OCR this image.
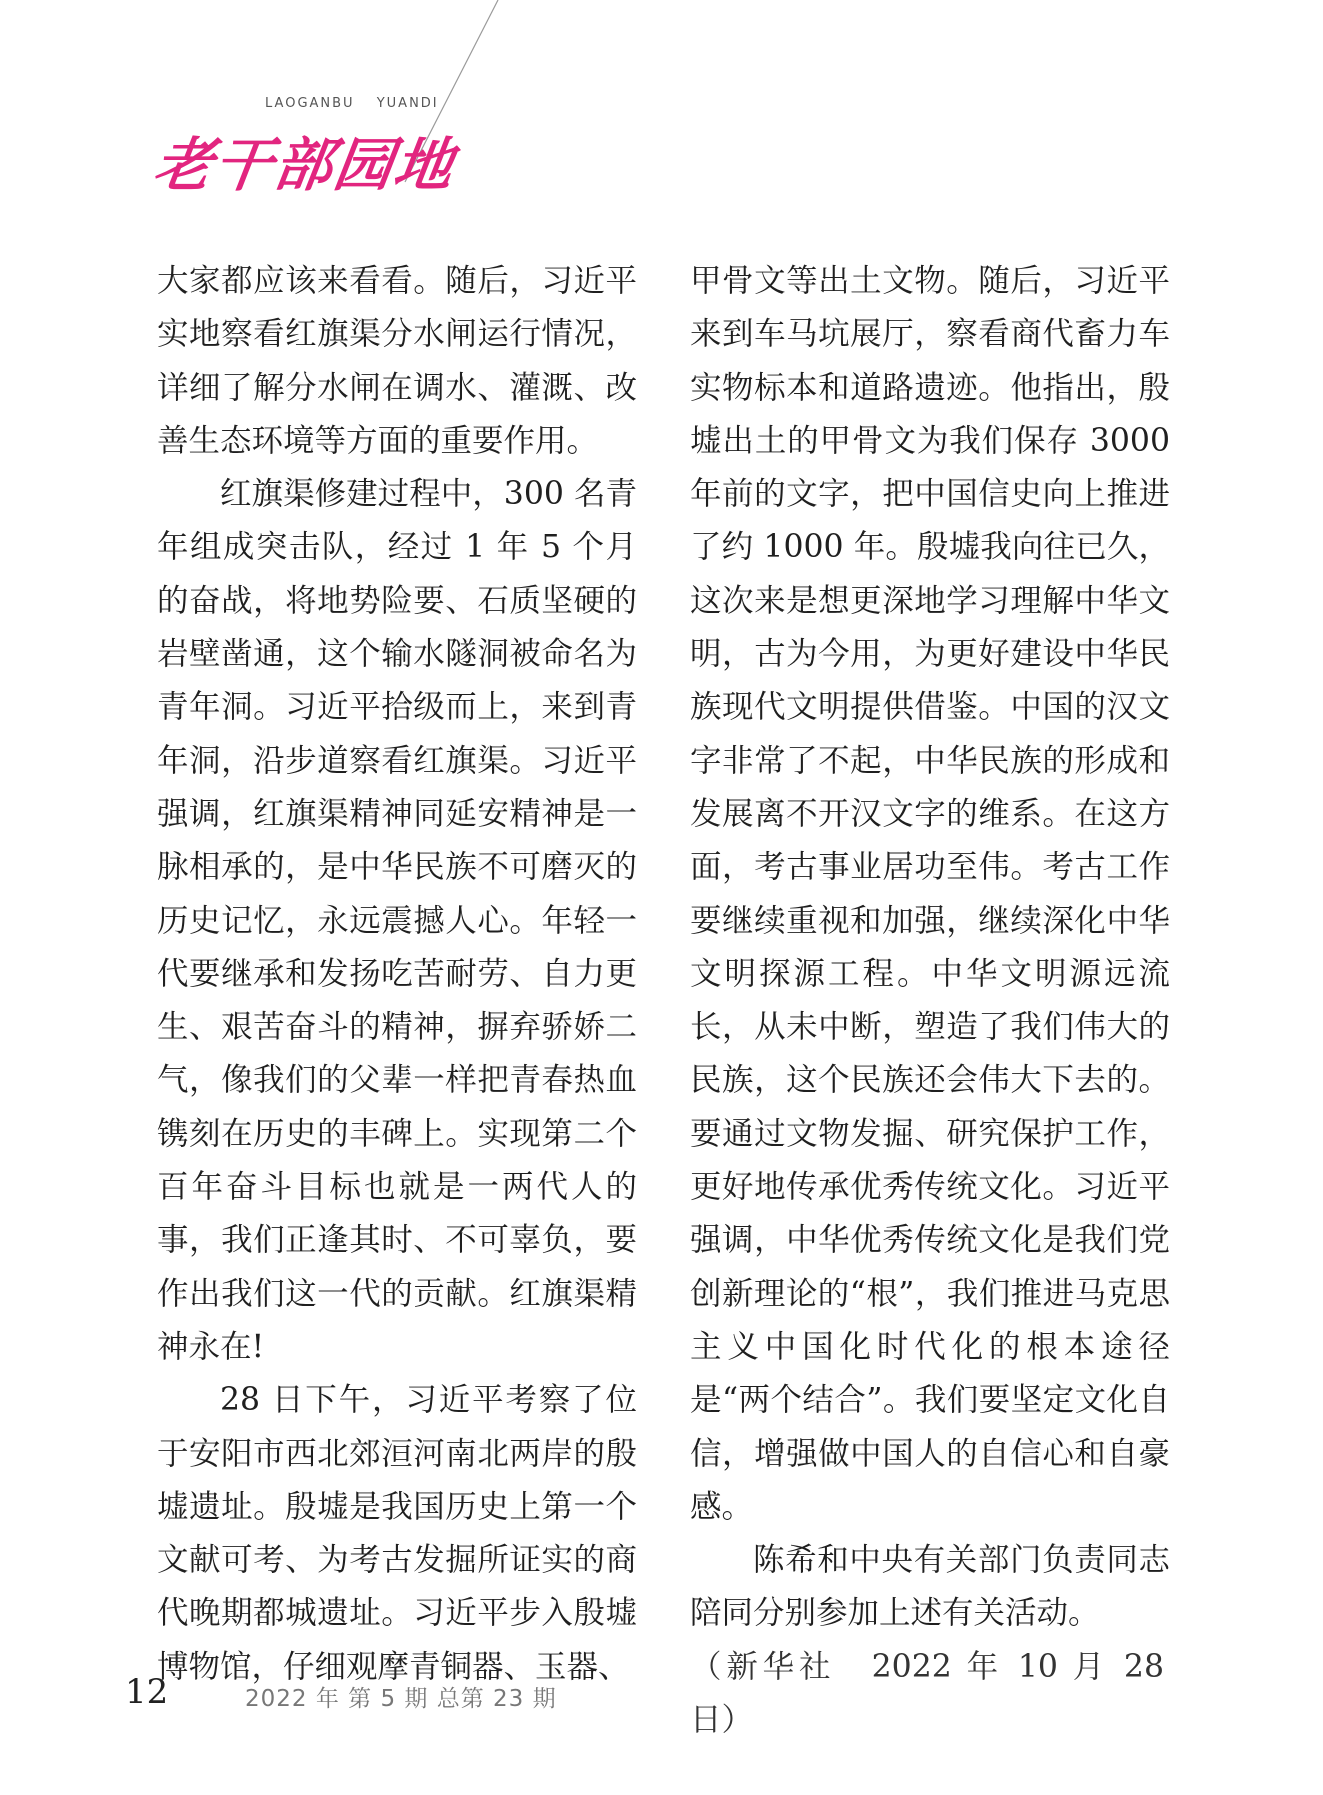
LAOGANBU YUANDI
老干部园地

大家都应该来看看。随后，习近平实地察看红旗渠分水闸运行情况，详细了解分水闸在调水、灌溉、改善生态环境等方面的重要作用。

红旗渠修建过程中，300 名青年组成突击队，经过 1 年 5 个月的奋战，将地势险要、石质坚硬的岩壁凿通，这个输水隧洞被命名为青年洞。习近平拾级而上，来到青年洞，沿步道察看红旗渠。习近平强调，红旗渠精神同延安精神是一脉相承的，是中华民族不可磨灭的历史记忆，永远震撼人心。年轻一代要继承和发扬吃苦耐劳、自力更生、艰苦奋斗的精神，摒弃骄娇二气，像我们的父辈一样把青春热血镌刻在历史的丰碑上。实现第二个百年奋斗目标也就是一两代人的事，我们正逢其时、不可辜负，要作出我们这一代的贡献。红旗渠精神永在!

28 日下午，习近平考察了位于安阳市西北郊洹河南北两岸的殷墟遗址。殷墟是我国历史上第一个文献可考、为考古发掘所证实的商代晚期都城遗址。习近平步入殷墟博物馆，仔细观摩青铜器、玉器、

甲骨文等出土文物。随后，习近平来到车马坑展厅，察看商代畜力车实物标本和道路遗迹。他指出，殷墟出土的甲骨文为我们保存 3000 年前的文字，把中国信史向上推进了约 1000 年。殷墟我向往已久，这次来是想更深地学习理解中华文明，古为今用，为更好建设中华民族现代文明提供借鉴。中国的汉文字非常了不起，中华民族的形成和发展离不开汉文字的维系。在这方面，考古事业居功至伟。考古工作要继续重视和加强，继续深化中华文明探源工程。中华文明源远流长，从未中断，塑造了我们伟大的民族，这个民族还会伟大下去的。要通过文物发掘、研究保护工作，更好地传承优秀传统文化。习近平强调，中华优秀传统文化是我们党创新理论的“根”，我们推进马克思主义中国化时代化的根本途径是“两个结合”。我们要坚定文化自信，增强做中国人的自信心和自豪感。

陈希和中央有关部门负责同志陪同分别参加上述有关活动。

（新华社　2022 年 10 月 28 日）

12	2022 年 第 5 期 总第 23 期
